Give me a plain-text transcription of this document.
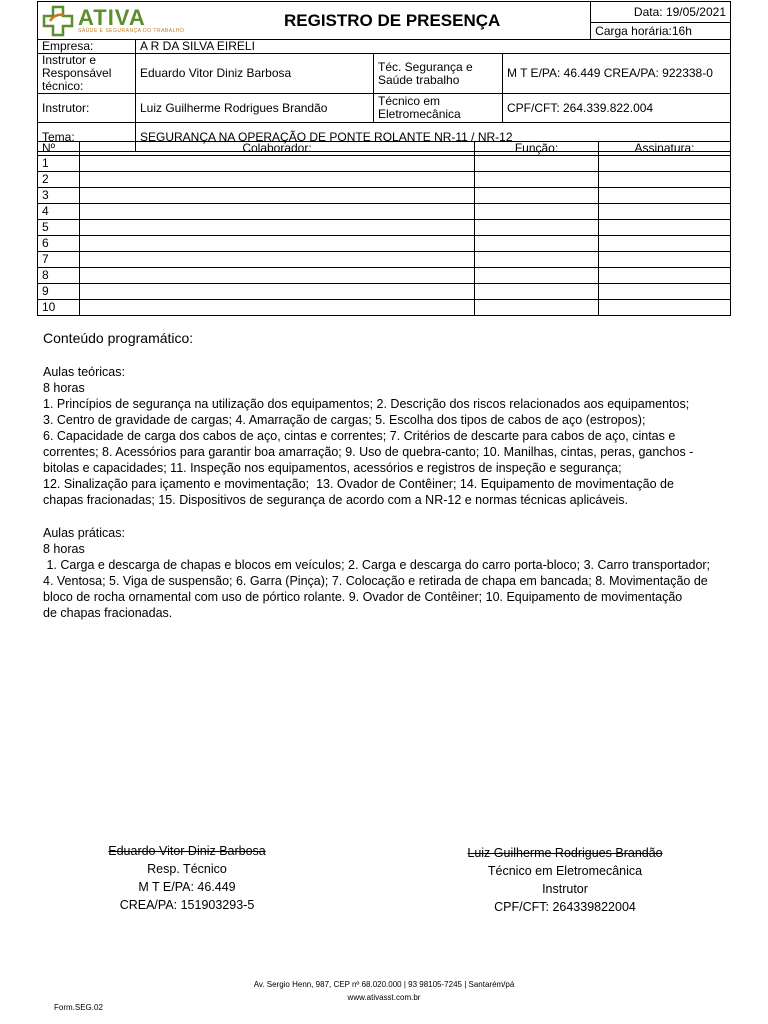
ATIVA
SAÚDE E SEGURANÇA DO TRABALHO
	REGISTRO DE PRESENÇA	Data: 19/05/2021
Carga horária:16h
Empresa:	A R DA SILVA EIRELI		
Instrutor e Responsável técnico:	Eduardo Vitor Diniz Barbosa	Téc. Segurança e Saúde trabalho	M T E/PA: 46.449 CREA/PA: 922338-0
Instrutor:	Luiz Guilherme Rodrigues Brandão	Técnico em Eletromecânica	CPF/CFT: 264.339.822.004
Tema:	SEGURANÇA NA OPERAÇÃO DE PONTE ROLANTE NR-11 / NR-12		
Nº	Colaborador:	Função:	Assinatura:
1			
2			
3			
4			
5			
6			
7			
8			
9			
10			
Conteúdo programático:
Aulas teóricas:
8 horas
1. Princípios de segurança na utilização dos equipamentos; 2. Descrição dos riscos relacionados aos equipamentos;
3. Centro de gravidade de cargas; 4. Amarração de cargas; 5. Escolha dos tipos de cabos de aço (estropos);
6. Capacidade de carga dos cabos de aço, cintas e correntes; 7. Critérios de descarte para cabos de aço, cintas e
correntes; 8. Acessórios para garantir boa amarração; 9. Uso de quebra-canto; 10. Manilhas, cintas, peras, ganchos -
bitolas e capacidades; 11. Inspeção nos equipamentos, acessórios e registros de inspeção e segurança;
12. Sinalização para içamento e movimentação;  13. Ovador de Contêiner; 14. Equipamento de movimentação de
chapas fracionadas; 15. Dispositivos de segurança de acordo com a NR-12 e normas técnicas aplicáveis.
Aulas práticas:
8 horas
1. Carga e descarga de chapas e blocos em veículos; 2. Carga e descarga do carro porta-bloco; 3. Carro transportador;
4. Ventosa; 5. Viga de suspensão; 6. Garra (Pinça); 7. Colocação e retirada de chapa em bancada; 8. Movimentação de
bloco de rocha ornamental com uso de pórtico rolante. 9. Ovador de Contêiner; 10. Equipamento de movimentação
de chapas fracionadas.
Eduardo Vitor Diniz Barbosa
Resp. Técnico
M T E/PA: 46.449
CREA/PA: 151903293-5
Luiz Guilherme Rodrigues Brandão
Técnico em Eletromecânica
Instrutor
CPF/CFT: 264339822004
Av. Sergio Henn, 987, CEP nº 68.020.000 | 93 98105-7245 | Santarém/pá
www.ativasst.com.br
Form.SEG.02
